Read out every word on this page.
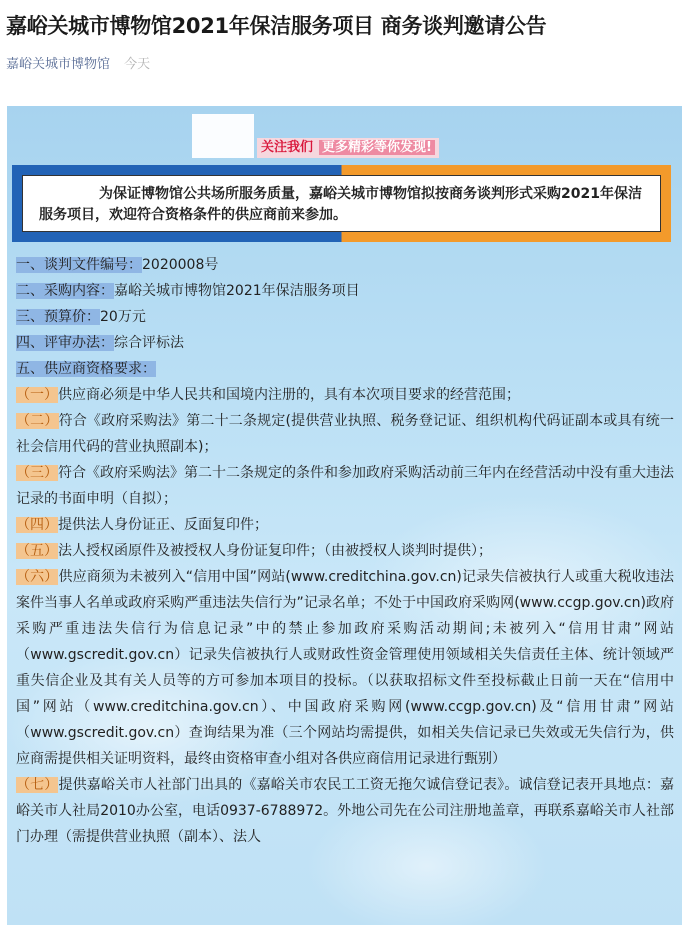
嘉峪关城市博物馆2021年保洁服务项目 商务谈判邀请公告
嘉峪关城市博物馆 今天
关注我们 更多精彩等你发现!
为保证博物馆公共场所服务质量，嘉峪关城市博物馆拟按商务谈判形式采购2021年保洁服务项目，欢迎符合资格条件的供应商前来参加。

一、谈判文件编号：2020008号

二、采购内容：嘉峪关城市博物馆2021年保洁服务项目

三、预算价：20万元

四、评审办法：综合评标法

五、供应商资格要求：

（一）供应商必须是中华人民共和国境内注册的，具有本次项目要求的经营范围；

（二）符合《政府采购法》第二十二条规定(提供营业执照、税务登记证、组织机构代码证副本或具有统一社会信用代码的营业执照副本)；

（三）符合《政府采购法》第二十二条规定的条件和参加政府采购活动前三年内在经营活动中没有重大违法记录的书面申明（自拟）；

（四）提供法人身份证正、反面复印件；

（五）法人授权函原件及被授权人身份证复印件；（由被授权人谈判时提供）；

（六）供应商须为未被列入“信用中国”网站(www.creditchina.gov.cn)记录失信被执行人或重大税收违法案件当事人名单或政府采购严重违法失信行为”记录名单；不处于中国政府采购网(www.ccgp.gov.cn)政府采购严重违法失信行为信息记录”中的禁止参加政府采购活动期间;未被列入“信用甘肃”网站（www.gscredit.gov.cn）记录失信被执行人或财政性资金管理使用领域相关失信责任主体、统计领域严重失信企业及其有关人员等的方可参加本项目的投标。（以获取招标文件至投标截止日前一天在“信用中国”网站（www.creditchina.gov.cn）、中国政府采购网(www.ccgp.gov.cn)及“信用甘肃”网站（www.gscredit.gov.cn）查询结果为准（三个网站均需提供，如相关失信记录已失效或无失信行为，供应商需提供相关证明资料，最终由资格审查小组对各供应商信用记录进行甄别）

（七）提供嘉峪关市人社部门出具的《嘉峪关市农民工工资无拖欠诚信登记表》。诚信登记表开具地点：嘉峪关市人社局2010办公室，电话0937-6788972。外地公司先在公司注册地盖章，再联系嘉峪关市人社部门办理（需提供营业执照（副本）、法人
